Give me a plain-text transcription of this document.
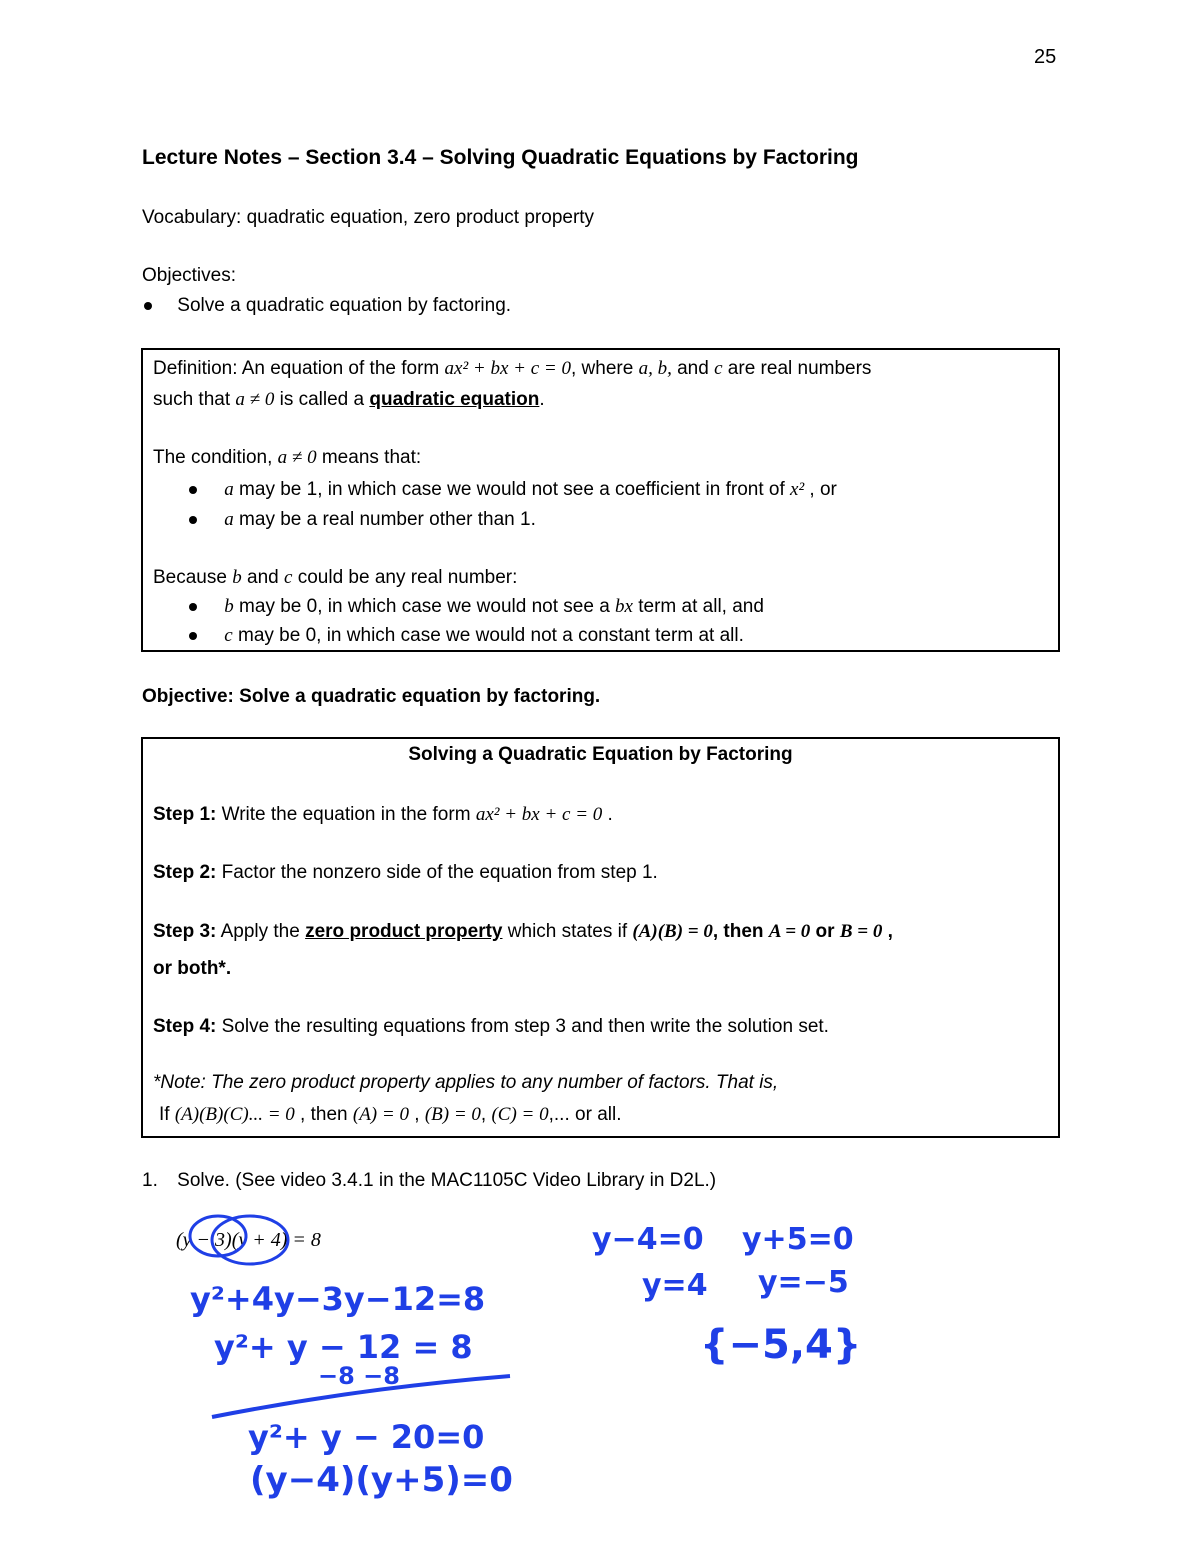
25
Lecture Notes – Section 3.4 – Solving Quadratic Equations by Factoring
Vocabulary: quadratic equation, zero product property
Objectives:
Solve a quadratic equation by factoring.
Definition: An equation of the form ax² + bx + c = 0, where a, b, and c are real numbers
such that a ≠ 0 is called a quadratic equation.
The condition, a ≠ 0 means that:
a may be 1, in which case we would not see a coefficient in front of x² , or
a may be a real number other than 1.
Because b and c could be any real number:
b may be 0, in which case we would not see a bx term at all, and
c may be 0, in which case we would not a constant term at all.
Objective: Solve a quadratic equation by factoring.
Solving a Quadratic Equation by Factoring
Step 1: Write the equation in the form ax² + bx + c = 0 .
Step 2: Factor the nonzero side of the equation from step 1.
Step 3: Apply the zero product property which states if (A)(B) = 0, then A = 0 or B = 0 ,
or both*.
Step 4: Solve the resulting equations from step 3 and then write the solution set.
*Note: The zero product property applies to any number of factors. That is,
If (A)(B)(C)... = 0 , then (A) = 0 , (B) = 0, (C) = 0,... or all.
1. Solve. (See video 3.4.1 in the MAC1105C Video Library in D2L.)
(y − 3)(y + 4) = 8
y²+4y−3y−12=8
y²+ y − 12 = 8
−8 −8
y²+ y − 20=0
(y−4)(y+5)=0
y−4=0 y+5=0
y=4 y=−5
{−5,4}
